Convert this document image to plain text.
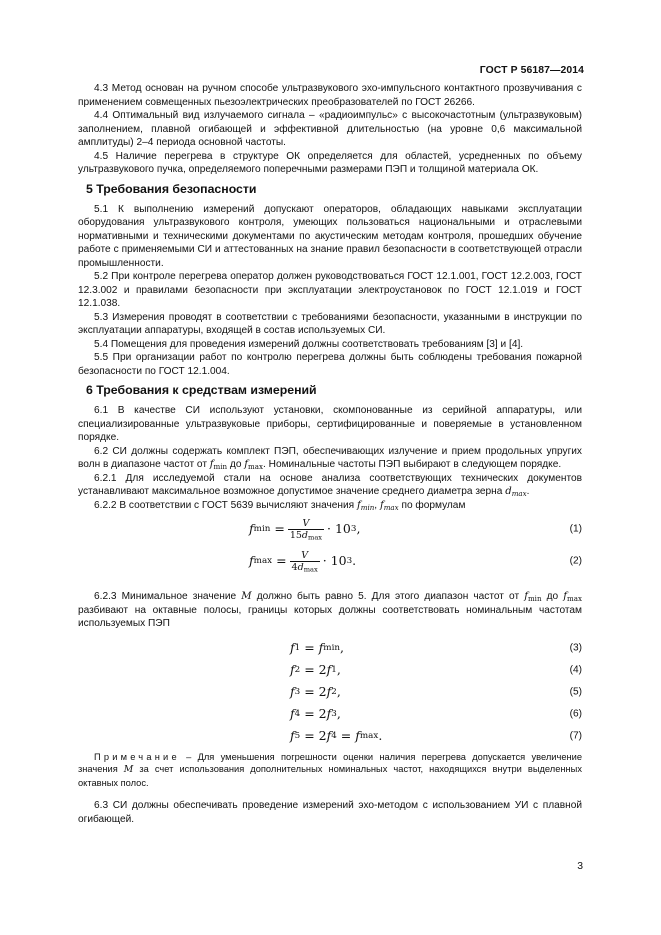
ГОСТ Р 56187—2014

4.3 Метод основан на ручном способе ультразвукового эхо-импульсного контактного прозвучивания с применением совмещенных пьезоэлектрических преобразователей по ГОСТ 26266.

4.4 Оптимальный вид излучаемого сигнала – «радиоимпульс» с высокочастотным (ультразвуковым) заполнением, плавной огибающей и эффективной длительностью (на уровне 0,6 максимальной амплитуды) 2–4 периода основной частоты.

4.5 Наличие перегрева в структуре ОК определяется для областей, усредненных по объему ультразвукового пучка, определяемого поперечными размерами ПЭП и толщиной материала ОК.

5 Требования безопасности

5.1 К выполнению измерений допускают операторов, обладающих навыками эксплуатации оборудования ультразвукового контроля, умеющих пользоваться национальными и отраслевыми нормативными и техническими документами по акустическим методам контроля, прошедших обучение работе с применяемыми СИ и аттестованных на знание правил безопасности в соответствующей отрасли промышленности.

5.2 При контроле перегрева оператор должен руководствоваться ГОСТ 12.1.001, ГОСТ 12.2.003, ГОСТ 12.3.002 и правилами безопасности при эксплуатации электроустановок по ГОСТ 12.1.019 и ГОСТ 12.1.038.

5.3 Измерения проводят в соответствии с требованиями безопасности, указанными в инструкции по эксплуатации аппаратуры, входящей в состав используемых СИ.

5.4 Помещения для проведения измерений должны соответствовать требованиям [3] и [4].

5.5 При организации работ по контролю перегрева должны быть соблюдены требования пожарной безопасности по ГОСТ 12.1.004.

6 Требования к средствам измерений

6.1 В качестве СИ используют установки, скомпонованные из серийной аппаратуры, или специализированные ультразвуковые приборы, сертифицированные и поверяемые в установленном порядке.

6.2 СИ должны содержать комплект ПЭП, обеспечивающих излучение и прием продольных упругих волн в диапазоне частот от $f_{min}$ до $f_{max}$. Номинальные частоты ПЭП выбирают в следующем порядке.

6.2.1 Для исследуемой стали на основе анализа соответствующих технических документов устанавливают максимальное возможное допустимое значение среднего диаметра зерна $d_{max}$.

6.2.2 В соответствии с ГОСТ 5639 вычисляют значения $f_{min}$, $f_{max}$ по формулам

f $\min = \frac{V}{15d_{max}} \cdot 10$ 3 ,	(1)
f $\max = \frac{V}{4d_{max}} \cdot 10$ 3 .	(2)

6.2.3 Минимальное значение M должно быть равно 5. Для этого диапазон частот от $f_{min}$ до $f_{max}$ разбивают на октавные полосы, границы которых должны соответствовать номинальным частотам используемых ПЭП

f 1 = f min ,	(3)
f 2 = 2 f 1 ,	(4)
f 3 = 2 f 2 ,	(5)
f 4 = 2 f 3 ,	(6)
f 5 = 2 f 4 = f max .	(7)

Примечание – Для уменьшения погрешности оценки наличия перегрева допускается увеличение значения M за счет использования дополнительных номинальных частот, находящихся внутри выделенных октавных полос.

6.3 СИ должны обеспечивать проведение измерений эхо-методом с использованием УИ с плавной огибающей.

3
